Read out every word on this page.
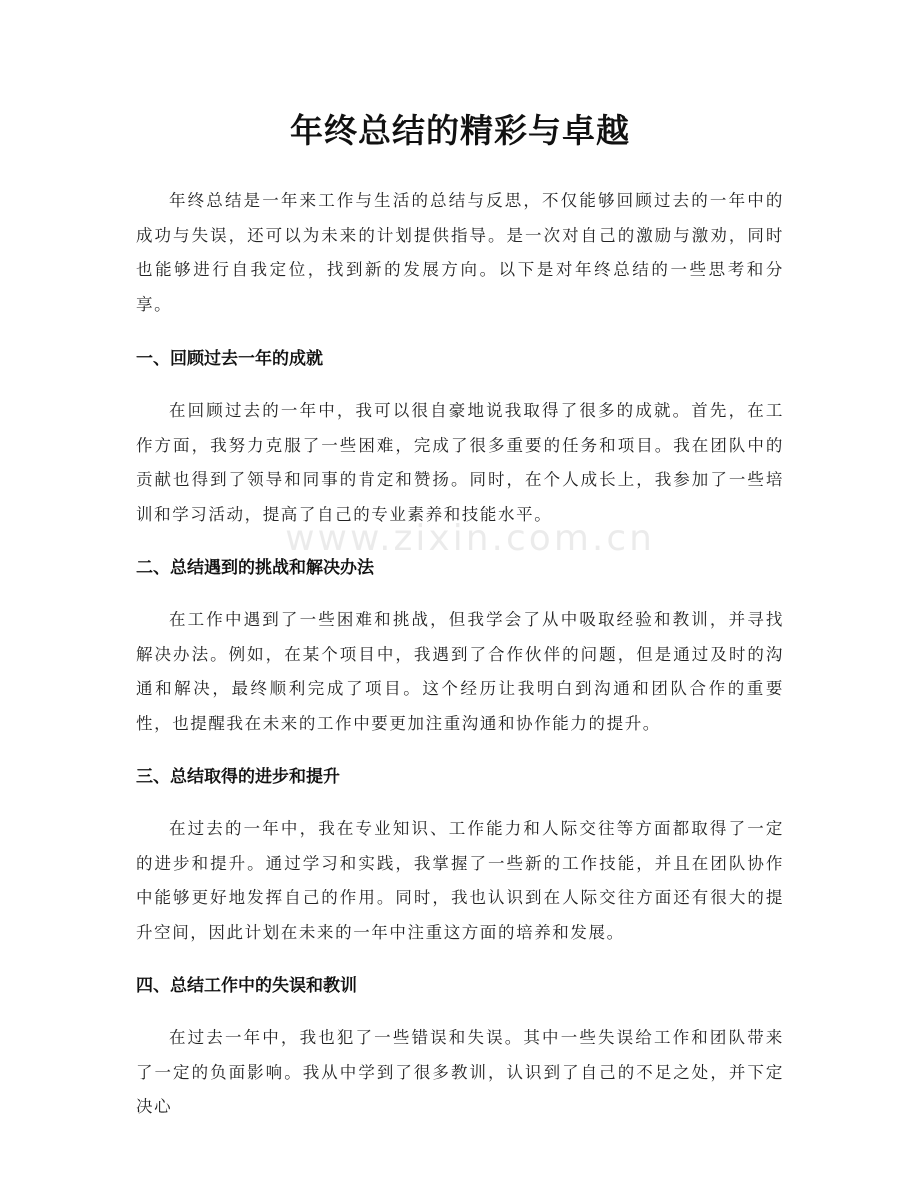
年终总结的精彩与卓越
www.zixin.com.cn

年终总结是一年来工作与生活的总结与反思，不仅能够回顾过去的一年中的成功与失误，还可以为未来的计划提供指导。是一次对自己的激励与激劝，同时也能够进行自我定位，找到新的发展方向。以下是对年终总结的一些思考和分享。

一、回顾过去一年的成就

在回顾过去的一年中，我可以很自豪地说我取得了很多的成就。首先，在工作方面，我努力克服了一些困难，完成了很多重要的任务和项目。我在团队中的贡献也得到了领导和同事的肯定和赞扬。同时，在个人成长上，我参加了一些培训和学习活动，提高了自己的专业素养和技能水平。

二、总结遇到的挑战和解决办法

在工作中遇到了一些困难和挑战，但我学会了从中吸取经验和教训，并寻找解决办法。例如，在某个项目中，我遇到了合作伙伴的问题，但是通过及时的沟通和解决，最终顺利完成了项目。这个经历让我明白到沟通和团队合作的重要性，也提醒我在未来的工作中要更加注重沟通和协作能力的提升。

三、总结取得的进步和提升

在过去的一年中，我在专业知识、工作能力和人际交往等方面都取得了一定的进步和提升。通过学习和实践，我掌握了一些新的工作技能，并且在团队协作中能够更好地发挥自己的作用。同时，我也认识到在人际交往方面还有很大的提升空间，因此计划在未来的一年中注重这方面的培养和发展。

四、总结工作中的失误和教训

在过去一年中，我也犯了一些错误和失误。其中一些失误给工作和团队带来了一定的负面影响。我从中学到了很多教训，认识到了自己的不足之处，并下定决心
